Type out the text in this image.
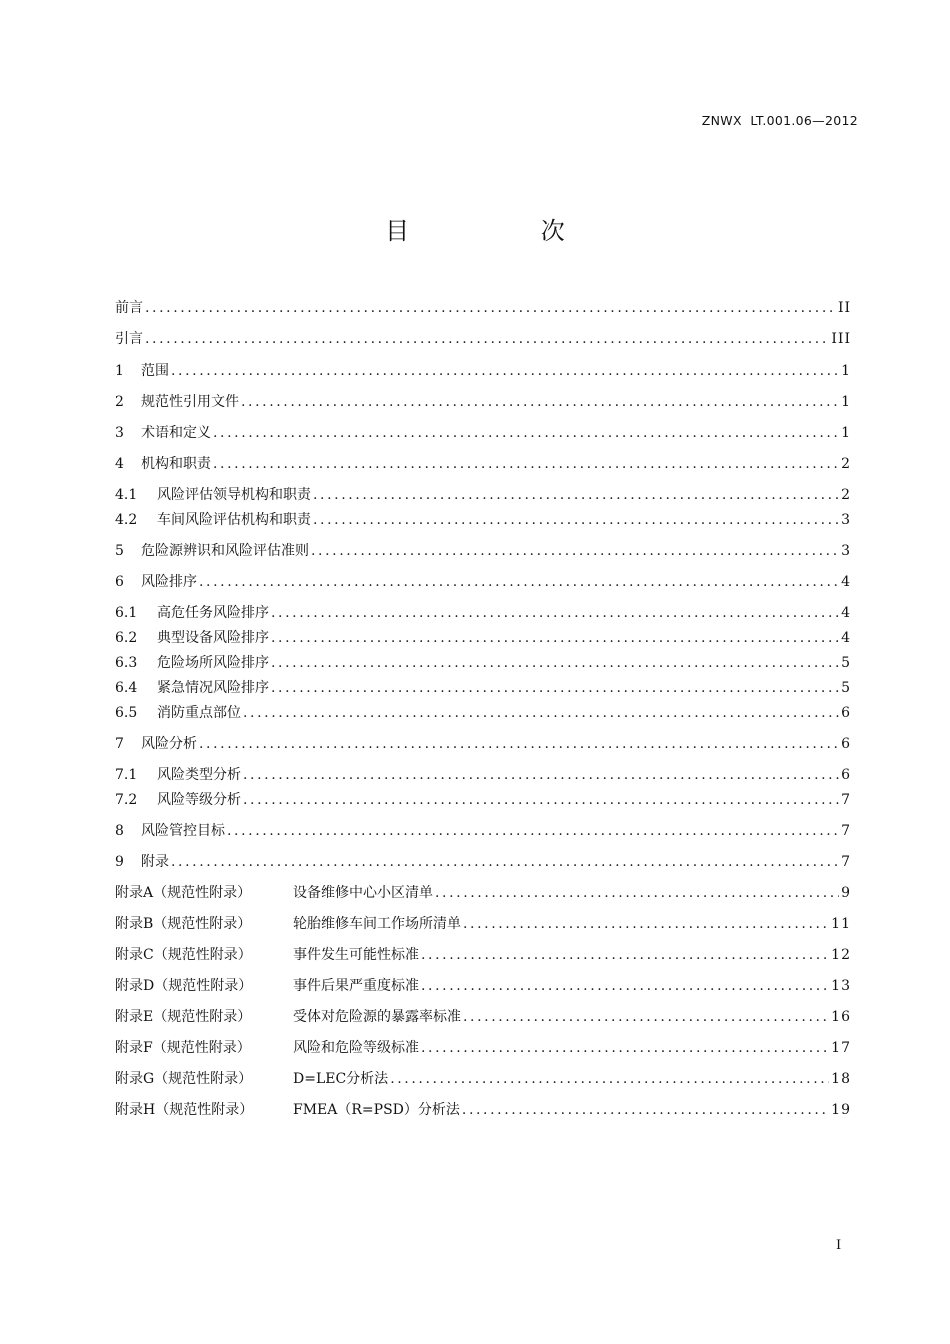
ZNWX  LT.001.06—2012
目 次
前言 .....	II
引言 .....	III
1	范围 .....	1
2	规范性引用文件 .....	1
3	术语和定义 .....	1
4	机构和职责 .....	2
4.1	风险评估领导机构和职责 .....	2
4.2	车间风险评估机构和职责 .....	3
5	危险源辨识和风险评估准则 .....	3
6	风险排序 .....	4
6.1	高危任务风险排序 .....	4
6.2	典型设备风险排序 .....	4
6.3	危险场所风险排序 .....	5
6.4	紧急情况风险排序 .....	5
6.5	消防重点部位 .....	6
7	风险分析 .....	6
7.1	风险类型分析 .....	6
7.2	风险等级分析 .....	7
8	风险管控目标 .....	7
9	附录 .....	7
附录A（规范性附录）	设备维修中心小区清单 .....	9
附录B（规范性附录）	轮胎维修车间工作场所清单 .....	11
附录C（规范性附录）	事件发生可能性标准 .....	12
附录D（规范性附录）	事件后果严重度标准 .....	13
附录E（规范性附录）	受体对危险源的暴露率标准 .....	16
附录F（规范性附录）	风险和危险等级标准 .....	17
附录G（规范性附录）	D=LEC分析法 .....	18
附录H（规范性附录）	FMEA（R=PSD）分析法 .....	19
I
